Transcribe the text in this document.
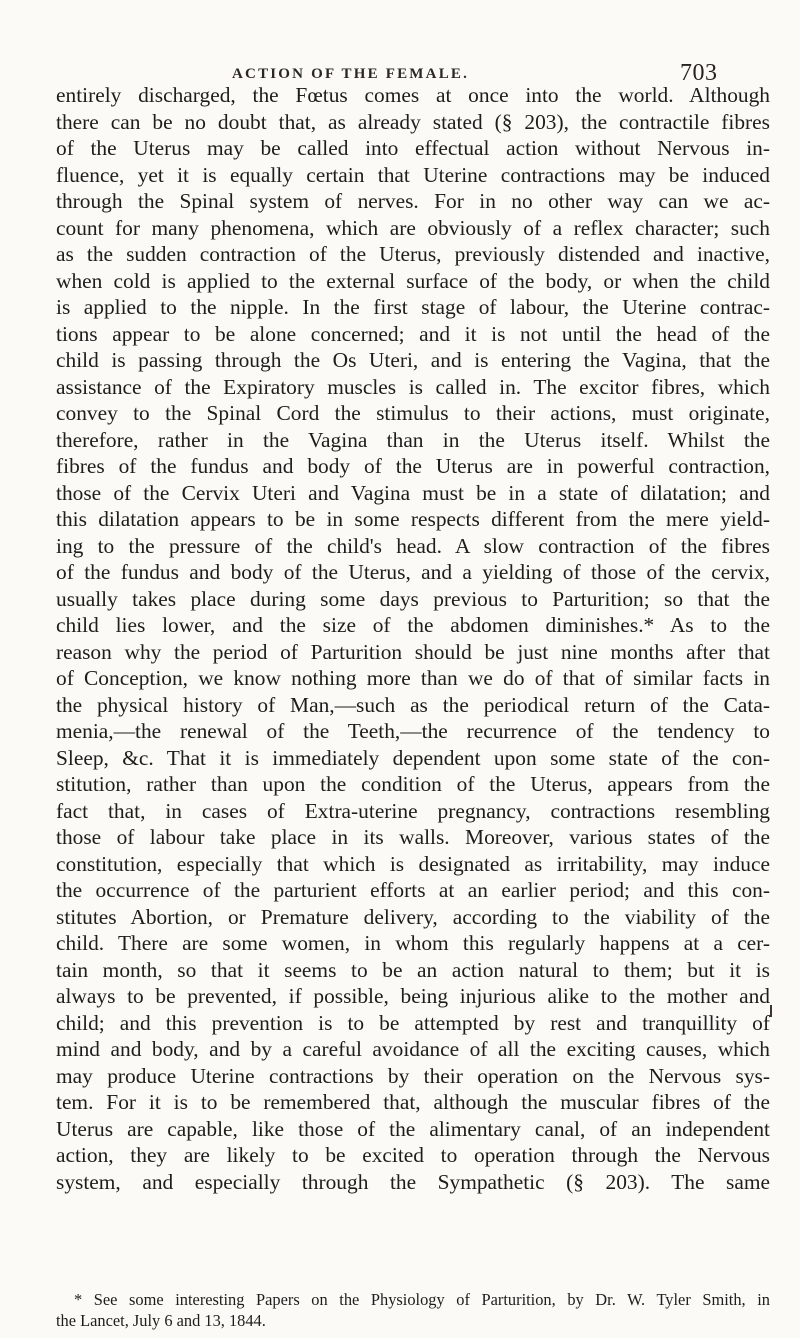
ACTION OF THE FEMALE.	703
entirely discharged, the Fœtus comes at once into the world. Although
there can be no doubt that, as already stated (§ 203), the contractile fibres
of the Uterus may be called into effectual action without Nervous in-
fluence, yet it is equally certain that Uterine contractions may be induced
through the Spinal system of nerves. For in no other way can we ac-
count for many phenomena, which are obviously of a reflex character; such
as the sudden contraction of the Uterus, previously distended and inactive,
when cold is applied to the external surface of the body, or when the child
is applied to the nipple. In the first stage of labour, the Uterine contrac-
tions appear to be alone concerned; and it is not until the head of the
child is passing through the Os Uteri, and is entering the Vagina, that the
assistance of the Expiratory muscles is called in. The excitor fibres, which
convey to the Spinal Cord the stimulus to their actions, must originate,
therefore, rather in the Vagina than in the Uterus itself. Whilst the
fibres of the fundus and body of the Uterus are in powerful contraction,
those of the Cervix Uteri and Vagina must be in a state of dilatation; and
this dilatation appears to be in some respects different from the mere yield-
ing to the pressure of the child's head. A slow contraction of the fibres
of the fundus and body of the Uterus, and a yielding of those of the cervix,
usually takes place during some days previous to Parturition; so that the
child lies lower, and the size of the abdomen diminishes.* As to the
reason why the period of Parturition should be just nine months after that
of Conception, we know nothing more than we do of that of similar facts in
the physical history of Man,—such as the periodical return of the Cata-
menia,—the renewal of the Teeth,—the recurrence of the tendency to
Sleep, &c. That it is immediately dependent upon some state of the con-
stitution, rather than upon the condition of the Uterus, appears from the
fact that, in cases of Extra-uterine pregnancy, contractions resembling
those of labour take place in its walls. Moreover, various states of the
constitution, especially that which is designated as irritability, may induce
the occurrence of the parturient efforts at an earlier period; and this con-
stitutes Abortion, or Premature delivery, according to the viability of the
child. There are some women, in whom this regularly happens at a cer-
tain month, so that it seems to be an action natural to them; but it is
always to be prevented, if possible, being injurious alike to the mother and
child; and this prevention is to be attempted by rest and tranquillity of
mind and body, and by a careful avoidance of all the exciting causes, which
may produce Uterine contractions by their operation on the Nervous sys-
tem. For it is to be remembered that, although the muscular fibres of the
Uterus are capable, like those of the alimentary canal, of an independent
action, they are likely to be excited to operation through the Nervous
system, and especially through the Sympathetic (§ 203). The same
* See some interesting Papers on the Physiology of Parturition, by Dr. W. Tyler Smith, in
the Lancet, July 6 and 13, 1844.
